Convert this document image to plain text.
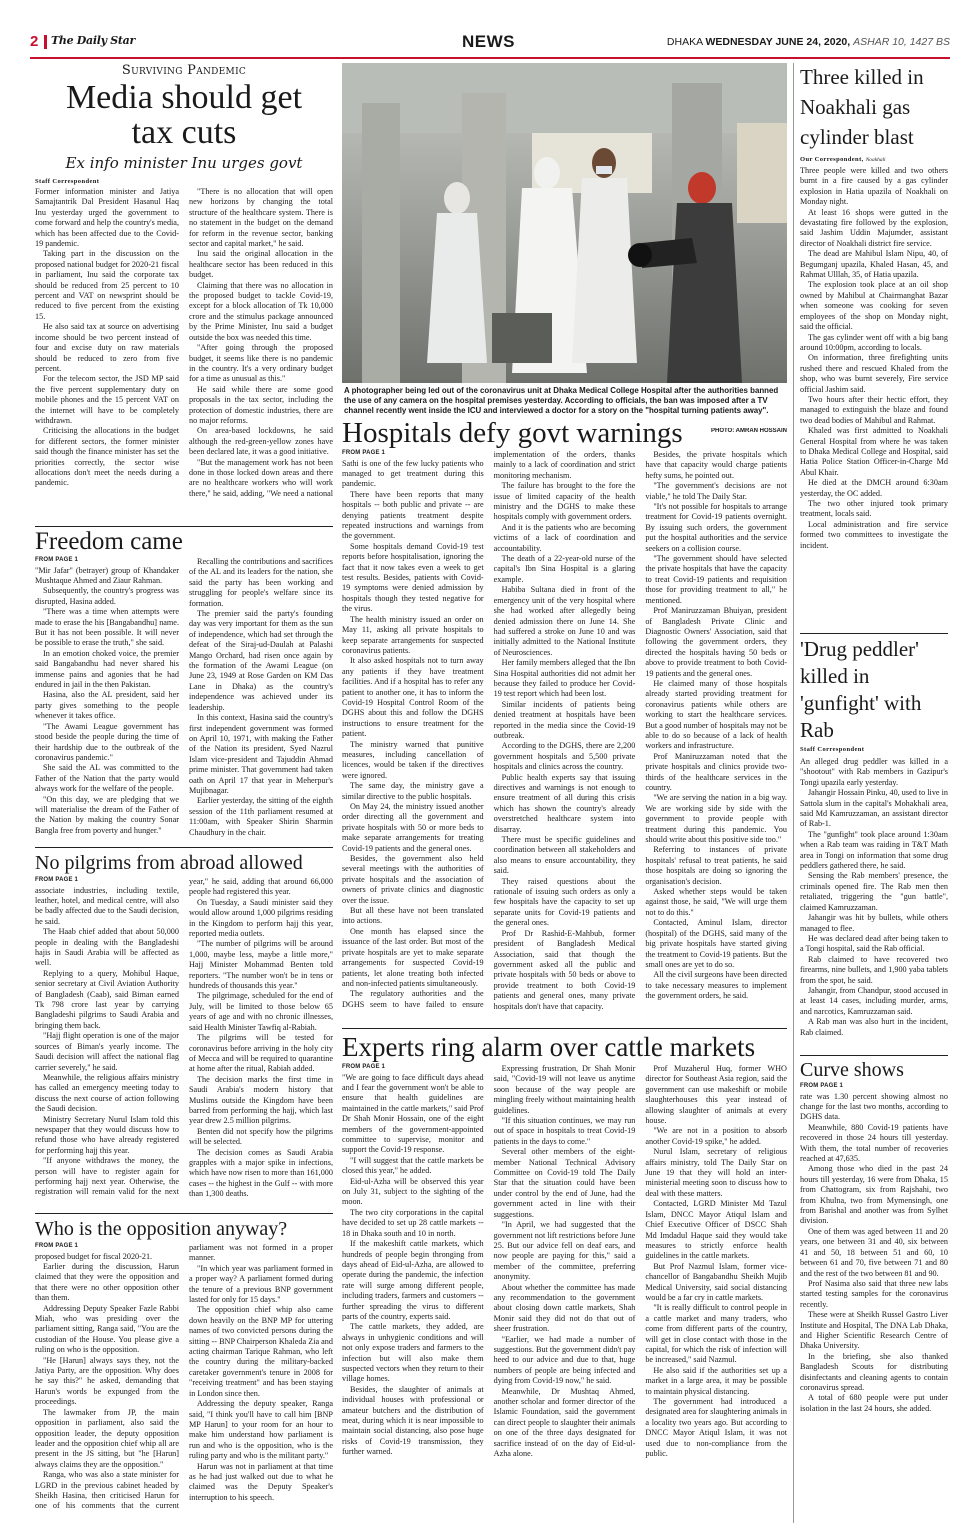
2 The Daily Star	NEWS	DHAKA WEDNESDAY JUNE 24, 2020, ASHAR 10, 1427 BS
Surviving Pandemic
Media should get tax cuts
Ex info minister Inu urges govt
Staff Correspondent

Former information minister and Jatiya Samajtantrik Dal President Hasanul Haq Inu yesterday urged the government to come forward and help the country's media, which has been affected due to the Covid-19 pandemic.

Taking part in the discussion on the proposed national budget for 2020-21 fiscal in parliament, Inu said the corporate tax should be reduced from 25 percent to 10 percent and VAT on newsprint should be reduced to five percent from the existing 15.

He also said tax at source on advertising income should be two percent instead of four and excise duty on raw materials should be reduced to zero from five percent.

For the telecom sector, the JSD MP said the five percent supplementary duty on mobile phones and the 15 percent VAT on the internet will have to be completely withdrawn.

Criticising the allocations in the budget for different sectors, the former minister said though the finance minister has set the priorities correctly, the sector wise allocations don't meet the needs during a pandemic.

"There is no allocation that will open new horizons by changing the total structure of the healthcare system. There is no statement in the budget on the demand for reform in the revenue sector, banking sector and capital market," he said.

Inu said the original allocation in the healthcare sector has been reduced in this budget.

Claiming that there was no allocation in the proposed budget to tackle Covid-19, except for a block allocation of Tk 10,000 crore and the stimulus package announced by the Prime Minister, Inu said a budget outside the box was needed this time.

"After going through the proposed budget, it seems like there is no pandemic in the country. It's a very ordinary budget for a time as unusual as this."

He said while there are some good proposals in the tax sector, including the protection of domestic industries, there are no major reforms.

On area-based lockdowns, he said although the red-green-yellow zones have been declared late, it was a good initiative.

"But the management work has not been done in those locked down areas and there are no healthcare workers who will work there," he said, adding, "We need a national

A photographer being led out of the coronavirus unit at Dhaka Medical College Hospital after the authorities banned the use of any camera on the hospital premises yesterday. According to officials, the ban was imposed after a TV channel recently went inside the ICU and interviewed a doctor for a story on the "hospital turning patients away".
PHOTO: AMRAN HOSSAIN
Three killed in Noakhali gas cylinder blast
Our Correspondent, Noakhali

Three people were killed and two others burnt in a fire caused by a gas cylinder explosion in Hatia upazila of Noakhali on Monday night.

At least 16 shops were gutted in the devastating fire followed by the explosion, said Jashim Uddin Majumder, assistant director of Noakhali district fire service.

The dead are Mahibul Islam Nipu, 40, of Begumganj upazila, Khaled Hasan, 45, and Rahmat Ulllah, 35, of Hatia upazila.

The explosion took place at an oil shop owned by Mahibul at Chairmanghat Bazar when someone was cooking for seven employees of the shop on Monday night, said the official.

The gas cylinder went off with a big bang around 10:00pm, according to locals.

On information, three firefighting units rushed there and rescued Khaled from the shop, who was burnt severely, Fire service official Jashim said.

Two hours after their hectic effort, they managed to extinguish the blaze and found two dead bodies of Mahibul and Rahmat.

Khaled was first admitted to Noakhali General Hospital from where he was taken to Dhaka Medical College and Hospital, said Hatia Police Station Officer-in-Charge Md Abul Khair.

He died at the DMCH around 6:30am yesterday, the OC added.

The two other injured took primary treatment, locals said.

Local administration and fire service formed two committees to investigate the incident.

Freedom came
FROM PAGE 1

"Mir Jafar" (betrayer) group of Khandaker Mushtaque Ahmed and Ziaur Rahman.

Subsequently, the country's progress was disrupted, Hasina added.

"There was a time when attempts were made to erase the his [Bangabandhu] name. But it has not been possible. It will never be possible to erase the truth," she said.

In an emotion choked voice, the premier said Bangabandhu had never shared his immense pains and agonies that he had endured in jail in the then Pakistan.

Hasina, also the AL president, said her party gives something to the people whenever it takes office.

"The Awami League government has stood beside the people during the time of their hardship due to the outbreak of the coronavirus pandemic."

She said the AL was committed to the Father of the Nation that the party would always work for the welfare of the people.

"On this day, we are pledging that we will materialise the dream of the Father of the Nation by making the country Sonar Bangla free from poverty and hunger."

Recalling the contributions and sacrifices of the AL and its leaders for the nation, she said the party has been working and struggling for people's welfare since its formation.

The premier said the party's founding day was very important for them as the sun of independence, which had set through the defeat of the Siraj-ud-Daulah at Palashi Mango Orchard, had risen once again by the formation of the Awami League (on June 23, 1949 at Rose Garden on KM Das Lane in Dhaka) as the country's independence was achieved under its leadership.

In this context, Hasina said the country's first independent government was formed on April 10, 1971, with making the Father of the Nation its president, Syed Nazrul Islam vice-president and Tajuddin Ahmad prime minister. That government had taken oath on April 17 that year in Meherpur's Mujibnagar.

Earlier yesterday, the sitting of the eighth session of the 11th parliament resumed at 11:00am, with Speaker Shirin Sharmin Chaudhury in the chair.

Hospitals defy govt warnings
FROM PAGE 1

Sathi is one of the few lucky patients who managed to get treatment during this pandemic.

There have been reports that many hospitals -- both public and private -- are denying patients treatment despite repeated instructions and warnings from the government.

Some hospitals demand Covid-19 test reports before hospitalisation, ignoring the fact that it now takes even a week to get test results. Besides, patients with Covid-19 symptoms were denied admission by hospitals though they tested negative for the virus.

The health ministry issued an order on May 11, asking all private hospitals to keep separate arrangements for suspected coronavirus patients.

It also asked hospitals not to turn away any patients if they have treatment facilities. And if a hospital has to refer any patient to another one, it has to inform the Covid-19 Hospital Control Room of the DGHS about this and follow the DGHS instructions to ensure treatment for the patient.

The ministry warned that punitive measures, including cancellation of licences, would be taken if the directives were ignored.

The same day, the ministry gave a similar directive to the public hospitals.

On May 24, the ministry issued another order directing all the government and private hospitals with 50 or more beds to make separate arrangements for treating Covid-19 patients and the general ones.

Besides, the government also held several meetings with the authorities of private hospitals and the association of owners of private clinics and diagnostic over the issue.

But all these have not been translated into actions.

One month has elapsed since the issuance of the last order. But most of the private hospitals are yet to make separate arrangements for suspected Covid-19 patients, let alone treating both infected and non-infected patients simultaneously.

The regulatory authorities and the DGHS seem to have failed to ensure implementation of the orders, thanks mainly to a lack of coordination and strict monitoring mechanism.

The failure has brought to the fore the issue of limited capacity of the health ministry and the DGHS to make these hospitals comply with government orders.

And it is the patients who are becoming victims of a lack of coordination and accountability.

The death of a 22-year-old nurse of the capital's Ibn Sina Hospital is a glaring example.

Habiba Sultana died in front of the emergency unit of the very hospital where she had worked after allegedly being denied admission there on June 14. She had suffered a stroke on June 10 and was initially admitted to the National Institute of Neurosciences.

Her family members alleged that the Ibn Sina Hospital authorities did not admit her because they failed to produce her Covid-19 test report which had been lost.

Similar incidents of patients being denied treatment at hospitals have been reported in the media since the Covid-19 outbreak.

According to the DGHS, there are 2,200 government hospitals and 5,500 private hospitals and clinics across the country.

Public health experts say that issuing directives and warnings is not enough to ensure treatment of all during this crisis which has shown the country's already overstretched healthcare system into disarray.

There must be specific guidelines and coordination between all stakeholders and also means to ensure accountability, they said.

They raised questions about the rationale of issuing such orders as only a few hospitals have the capacity to set up separate units for Covid-19 patients and the general ones.

Prof Dr Rashid-E-Mahbub, former president of Bangladesh Medical Association, said that though the government asked all the public and private hospitals with 50 beds or above to provide treatment to both Covid-19 patients and general ones, many private hospitals don't have that capacity.

Besides, the private hospitals which have that capacity would charge patients hefty sums, he pointed out.

"The government's decisions are not viable," he told The Daily Star.

"It's not possible for hospitals to arrange treatment for Covid-19 patients overnight. By issuing such orders, the government put the hospital authorities and the service seekers on a collision course.

"The government should have selected the private hospitals that have the capacity to treat Covid-19 patients and requisition those for providing treatment to all," he mentioned.

Prof Maniruzzaman Bhuiyan, president of Bangladesh Private Clinic and Diagnostic Owners' Association, said that following the government orders, they directed the hospitals having 50 beds or above to provide treatment to both Covid-19 patients and the general ones.

He claimed many of those hospitals already started providing treatment for coronavirus patients while others are working to start the healthcare services. But a good number of hospitals may not be able to do so because of a lack of health workers and infrastructure.

Prof Maniruzzaman noted that the private hospitals and clinics provide two-thirds of the healthcare services in the country.

"We are serving the nation in a big way. We are working side by side with the government to provide people with treatment during this pandemic. You should write about this positive side too."

Referring to instances of private hospitals' refusal to treat patients, he said those hospitals are doing so ignoring the organisation's decision.

Asked whether steps would be taken against those, he said, "We will urge them not to do this."

Contacted, Aminul Islam, director (hospital) of the DGHS, said many of the big private hospitals have started giving the treatment to Covid-19 patients. But the small ones are yet to do so.

All the civil surgeons have been directed to take necessary measures to implement the government orders, he said.

'Drug peddler' killed in 'gunfight' with Rab
Staff Correspondent

An alleged drug peddler was killed in a "shootout" with Rab members in Gazipur's Tongi upazila early yesterday.

Jahangir Hossain Pinku, 40, used to live in Sattola slum in the capital's Mohakhali area, said Md Kamruzzaman, an assistant director of Rab-1.

The "gunfight" took place around 1:30am when a Rab team was raiding in T&T Math area in Tongi on information that some drug peddlers gathered there, he said.

Sensing the Rab members' presence, the criminals opened fire. The Rab men then retaliated, triggering the "gun battle", claimed Kamruzzaman.

Jahangir was hit by bullets, while others managed to flee.

He was declared dead after being taken to a Tongi hospital, said the Rab official.

Rab claimed to have recovered two firearms, nine bullets, and 1,900 yaba tablets from the spot, he said.

Jahangir, from Chandpur, stood accused in at least 14 cases, including murder, arms, and narcotics, Kamruzzaman said.

A Rab man was also hurt in the incident, Rab claimed.

No pilgrims from abroad allowed
FROM PAGE 1

associate industries, including textile, leather, hotel, and medical centre, will also be badly affected due to the Saudi decision, he said.

The Haab chief added that about 50,000 people in dealing with the Bangladeshi hajis in Saudi Arabia will be affected as well.

Replying to a query, Mohibul Haque, senior secretary at Civil Aviation Authority of Bangladesh (Caab), said Biman earned Tk 798 crore last year by carrying Bangladeshi pilgrims to Saudi Arabia and bringing them back.

"Hajj flight operation is one of the major sources of Biman's yearly income. The Saudi decision will affect the national flag carrier severely," he said.

Meanwhile, the religious affairs ministry has called an emergency meeting today to discuss the next course of action following the Saudi decision.

Ministry Secretary Nurul Islam told this newspaper that they would discuss how to refund those who have already registered for performing hajj this year.

"If anyone withdraws the money, the person will have to register again for performing hajj next year. Otherwise, the registration will remain valid for the next year," he said, adding that around 66,000 people had registered this year.

On Tuesday, a Saudi minister said they would allow around 1,000 pilgrims residing in the Kingdom to perform hajj this year, reported media outlets.

"The number of pilgrims will be around 1,000, maybe less, maybe a little more," Hajj Minister Mohammad Benten told reporters. "The number won't be in tens or hundreds of thousands this year."

The pilgrimage, scheduled for the end of July, will be limited to those below 65 years of age and with no chronic illnesses, said Health Minister Tawfiq al-Rabiah.

The pilgrims will be tested for coronavirus before arriving in the holy city of Mecca and will be required to quarantine at home after the ritual, Rabiah added.

The decision marks the first time in Saudi Arabia's modern history that Muslims outside the Kingdom have been barred from performing the hajj, which last year drew 2.5 million pilgrims.

Benten did not specify how the pilgrims will be selected.

The decision comes as Saudi Arabia grapples with a major spike in infections, which have now risen to more than 161,000 cases -- the highest in the Gulf -- with more than 1,300 deaths.

Experts ring alarm over cattle markets
FROM PAGE 1

"We are going to face difficult days ahead and I fear the government won't be able to ensure that health guidelines are maintained in the cattle markets," said Prof Dr Shah Monir Hossain, one of the eight members of the government-appointed committee to supervise, monitor and support the Covid-19 response.

"I will suggest that the cattle markets be closed this year," he added.

Eid-ul-Azha will be observed this year on July 31, subject to the sighting of the moon.

The two city corporations in the capital have decided to set up 28 cattle markets -- 18 in Dhaka south and 10 in north.

If the makeshift cattle markets, which hundreds of people begin thronging from days ahead of Eid-ul-Azha, are allowed to operate during the pandemic, the infection rate will surge among different people, including traders, farmers and customers -- further spreading the virus to different parts of the country, experts said.

The cattle markets, they added, are always in unhygienic conditions and will not only expose traders and farmers to the infection but will also make them suspected vectors when they return to their village homes.

Besides, the slaughter of animals at individual houses with professional or amateur butchers and the distribution of meat, during which it is near impossible to maintain social distancing, also pose huge risks of Covid-19 transmission, they further warned.

Expressing frustration, Dr Shah Monir said, "Covid-19 will not leave us anytime soon because of the way people are mingling freely without maintaining health guidelines.

"If this situation continues, we may run out of space in hospitals to treat Covid-19 patients in the days to come."

Several other members of the eight-member National Technical Advisory Committee on Covid-19 told The Daily Star that the situation could have been under control by the end of June, had the government acted in line with their suggestions.

"In April, we had suggested that the government not lift restrictions before June 25. But our advice fell on deaf ears, and now people are paying for this," said a member of the committee, preferring anonymity.

About whether the committee has made any recommendation to the government about closing down cattle markets, Shah Monir said they did not do that out of sheer frustration.

"Earlier, we had made a number of suggestions. But the government didn't pay heed to our advice and due to that, huge numbers of people are being infected and dying from Covid-19 now," he said.

Meanwhile, Dr Mushtaq Ahmed, another scholar and former director of the Islamic Foundation, said the government can direct people to slaughter their animals on one of the three days designated for sacrifice instead of on the day of Eid-ul-Azha alone.

Prof Muzaherul Huq, former WHO director for Southeast Asia region, said the government can use makeshift or mobile slaughterhouses this year instead of allowing slaughter of animals at every house.

"We are not in a position to absorb another Covid-19 spike," he added.

Nurul Islam, secretary of religious affairs ministry, told The Daily Star on June 19 that they will hold an inter-ministerial meeting soon to discuss how to deal with these matters.

Contacted, LGRD Minister Md Tazul Islam, DNCC Mayor Atiqul Islam and Chief Executive Officer of DSCC Shah Md Imdadul Haque said they would take measures to strictly enforce health guidelines in the cattle markets.

But Prof Nazmul Islam, former vice-chancellor of Bangabandhu Sheikh Mujib Medical University, said social distancing would be a far cry in cattle markets.

"It is really difficult to control people in a cattle market and many traders, who come from different parts of the country, will get in close contact with those in the capital, for which the risk of infection will be increased," said Nazmul.

He also said if the authorities set up a market in a large area, it may be possible to maintain physical distancing.

The government had introduced a designated area for slaughtering animals in a locality two years ago. But according to DNCC Mayor Atiqul Islam, it was not used due to non-compliance from the public.

Curve shows
FROM PAGE 1

rate was 1.30 percent showing almost no change for the last two months, according to DGHS data.

Meanwhile, 880 Covid-19 patients have recovered in those 24 hours till yesterday. With them, the total number of recoveries reached at 47,635.

Among those who died in the past 24 hours till yesterday, 16 were from Dhaka, 15 from Chattogram, six from Rajshahi, two from Khulna, two from Mymensingh, one from Barishal and another was from Sylhet division.

One of them was aged between 11 and 20 years, one between 31 and 40, six between 41 and 50, 18 between 51 and 60, 10 between 61 and 70, five between 71 and 80 and the rest of the two between 81 and 90.

Prof Nasima also said that three new labs started testing samples for the coronavirus recently.

These were at Sheikh Russel Gastro Liver Institute and Hospital, The DNA Lab Dhaka, and Higher Scientific Research Centre of Dhaka University.

In the briefing, she also thanked Bangladesh Scouts for distributing disinfectants and cleaning agents to contain coronavirus spread.

A total of 680 people were put under isolation in the last 24 hours, she added.

Who is the opposition anyway?
FROM PAGE 1

proposed budget for fiscal 2020-21.

Earlier during the discussion, Harun claimed that they were the opposition and that there were no other opposition other than them.

Addressing Deputy Speaker Fazle Rabbi Miah, who was presiding over the parliament sitting, Ranga said, "You are the custodian of the House. You please give a ruling on who is the opposition.

"He [Harun] always says they, not the Jatiya Party, are the opposition. Why does he say this?" he asked, demanding that Harun's words be expunged from the proceedings.

The lawmaker from JP, the main opposition in parliament, also said the opposition leader, the deputy opposition leader and the opposition chief whip all are present in the JS sitting, but "he [Harun] always claims they are the opposition."

Ranga, who was also a state minister for LGRD in the previous cabinet headed by Sheikh Hasina, then criticised Harun for one of his comments that the current parliament was not formed in a proper manner.

"In which year was parliament formed in a proper way? A parliament formed during the tenure of a previous BNP government lasted for only for 15 days."

The opposition chief whip also came down heavily on the BNP MP for uttering names of two convicted persons during the sitting -- BNP Chairperson Khaleda Zia and acting chairman Tarique Rahman, who left the country during the military-backed caretaker government's tenure in 2008 for "receiving treatment" and has been staying in London since then.

Addressing the deputy speaker, Ranga said, "I think you'll have to call him [BNP MP Harun] to your room for an hour to make him understand how parliament is run and who is the opposition, who is the ruling party and who is the militant party."

Harun was not in parliament at that time as he had just walked out due to what he claimed was the Deputy Speaker's interruption to his speech.
